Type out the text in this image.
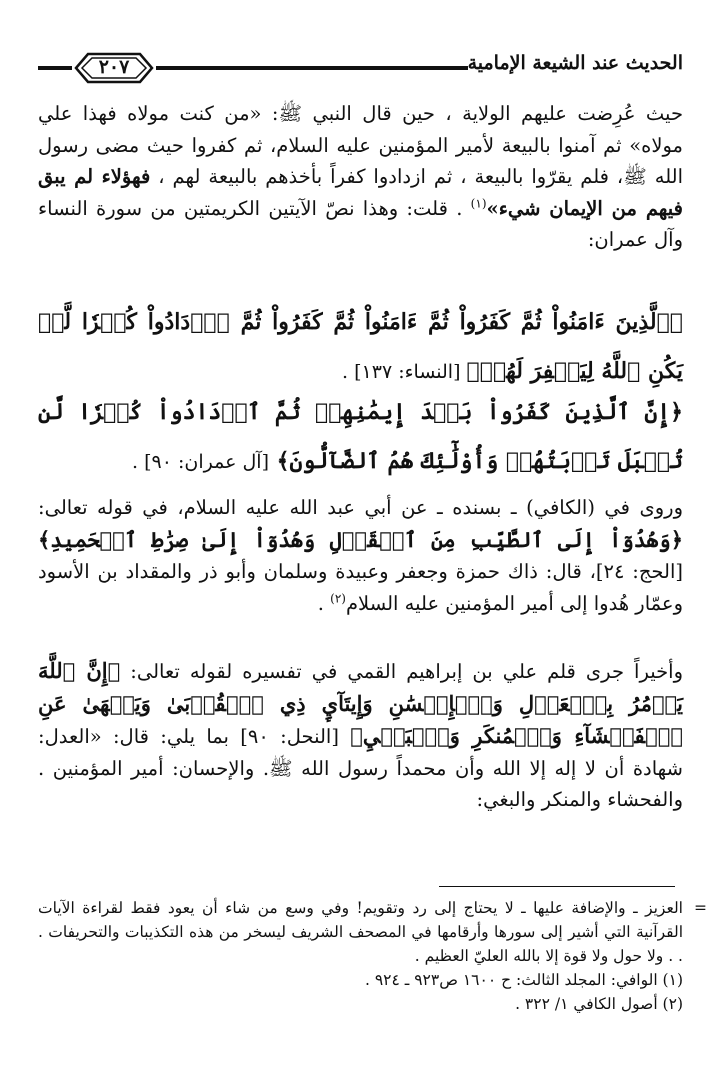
الحديث عند الشيعة الإمامية
٢٠٧

حيث عُرِضت عليهم الولاية ، حين قال النبي ﷺ: «من كنت مولاه فهذا علي مولاه» ثم آمنوا بالبيعة لأمير المؤمنين عليه السلام، ثم كفروا حيث مضى رسول الله ﷺ، فلم يقرّوا بالبيعة ، ثم ازدادوا كفراً بأخذهم بالبيعة لهم ، فهؤلاء لم يبق فيهم من الإيمان شيء»$^{(١)}$ . قلت: وهذا نصّ الآيتين الكريمتين من سورة النساء وآل عمران:

﴿ٱلَّذِينَ ءَامَنُواْ ثُمَّ كَفَرُواْ ثُمَّ ءَامَنُواْ ثُمَّ كَفَرُواْ ثُمَّ ٱزۡدَادُواْ كُفۡرٗا لَّمۡ يَكُنِ ٱللَّهُ لِيَغۡفِرَ لَهُمۡ﴾ [النساء: ١٣٧] .

﴿إِنَّ ٱلَّذِينَ كَفَرُواْ بَعۡدَ إِيمَٰنِهِمۡ ثُمَّ ٱزۡدَادُواْ كُفۡرٗا لَّن تُقۡبَلَ تَوۡبَتُهُمۡ وَأُوْلَٰٓئِكَ هُمُ ٱلضَّآلُّونَ﴾ [آل عمران: ٩٠] .

وروى في (الكافي) ـ بسنده ـ عن أبي عبد الله عليه السلام، في قوله تعالى: ﴿وَهُدُوٓاْ إِلَى ٱلطَّيِّبِ مِنَ ٱلۡقَوۡلِ وَهُدُوٓاْ إِلَىٰ صِرَٰطِ ٱلۡحَمِيدِ﴾ [الحج: ٢٤]، قال: ذاك حمزة وجعفر وعبيدة وسلمان وأبو ذر والمقداد بن الأسود وعمّار هُدوا إلى أمير المؤمنين عليه السلام$^{(٢)}$ .

وأخيراً جرى قلم علي بن إبراهيم القمي في تفسيره لقوله تعالى: ﴿إِنَّ ٱللَّهَ يَأۡمُرُ بِٱلۡعَدۡلِ وَٱلۡإِحۡسَٰنِ وَإِيتَآيِٕ ذِي ٱلۡقُرۡبَىٰ وَيَنۡهَىٰ عَنِ ٱلۡفَحۡشَآءِ وَٱلۡمُنكَرِ وَٱلۡبَغۡيِ﴾ [النحل: ٩٠] بما يلي: قال: «العدل: شهادة أن لا إله إلا الله وأن محمداً رسول الله ﷺ. والإحسان: أمير المؤمنين . والفحشاء والمنكر والبغي:

=
العزيز ـ والإضافة عليها ـ لا يحتاج إلى رد وتقويم! وفي وسع من شاء أن يعود فقط لقراءة الآيات القرآنية التي أشير إلى سورها وأرقامها في المصحف الشريف ليسخر من هذه التكذيبات والتحريفات . . . ولا حول ولا قوة إلا بالله العليّ العظيم .

(١) الوافي: المجلد الثالث: ح ١٦٠٠ ص٩٢٣ ـ ٩٢٤ .

(٢) أصول الكافي ١/ ٣٢٢ .
